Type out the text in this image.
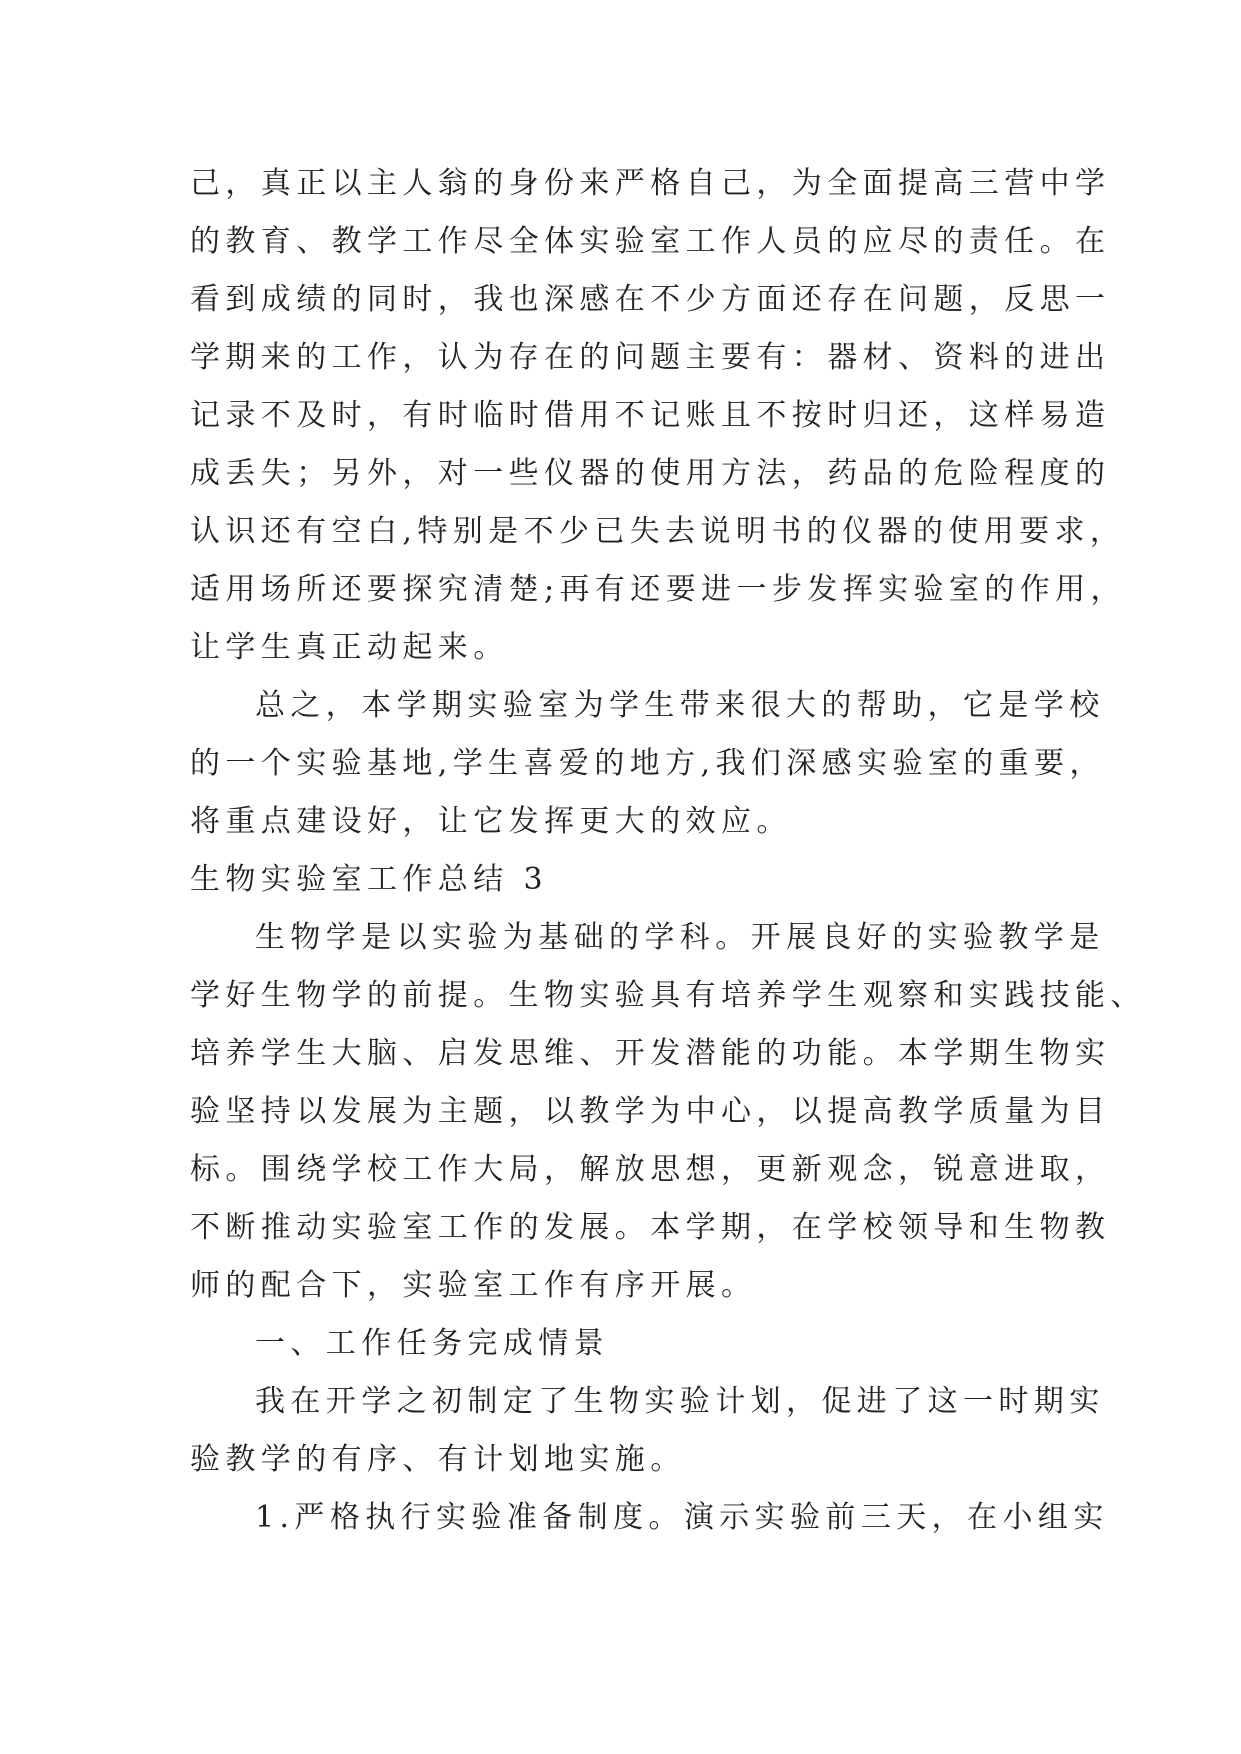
己，真正以主人翁的身份来严格自己，为全面提高三营中学
的教育、教学工作尽全体实验室工作人员的应尽的责任。在
看到成绩的同时，我也深感在不少方面还存在问题，反思一
学期来的工作，认为存在的问题主要有：器材、资料的进出
记录不及时，有时临时借用不记账且不按时归还，这样易造
成丢失；另外，对一些仪器的使用方法，药品的危险程度的
认识还有空白,特别是不少已失去说明书的仪器的使用要求，
适用场所还要探究清楚;再有还要进一步发挥实验室的作用，
让学生真正动起来。
总之，本学期实验室为学生带来很大的帮助，它是学校
的一个实验基地,学生喜爱的地方,我们深感实验室的重要，
将重点建设好，让它发挥更大的效应。
生物实验室工作总结 3
生物学是以实验为基础的学科。开展良好的实验教学是
学好生物学的前提。生物实验具有培养学生观察和实践技能、
培养学生大脑、启发思维、开发潜能的功能。本学期生物实
验坚持以发展为主题，以教学为中心，以提高教学质量为目
标。围绕学校工作大局，解放思想，更新观念，锐意进取，
不断推动实验室工作的发展。本学期，在学校领导和生物教
师的配合下，实验室工作有序开展。
一、工作任务完成情景
我在开学之初制定了生物实验计划，促进了这一时期实
验教学的有序、有计划地实施。
1.严格执行实验准备制度。演示实验前三天，在小组实
